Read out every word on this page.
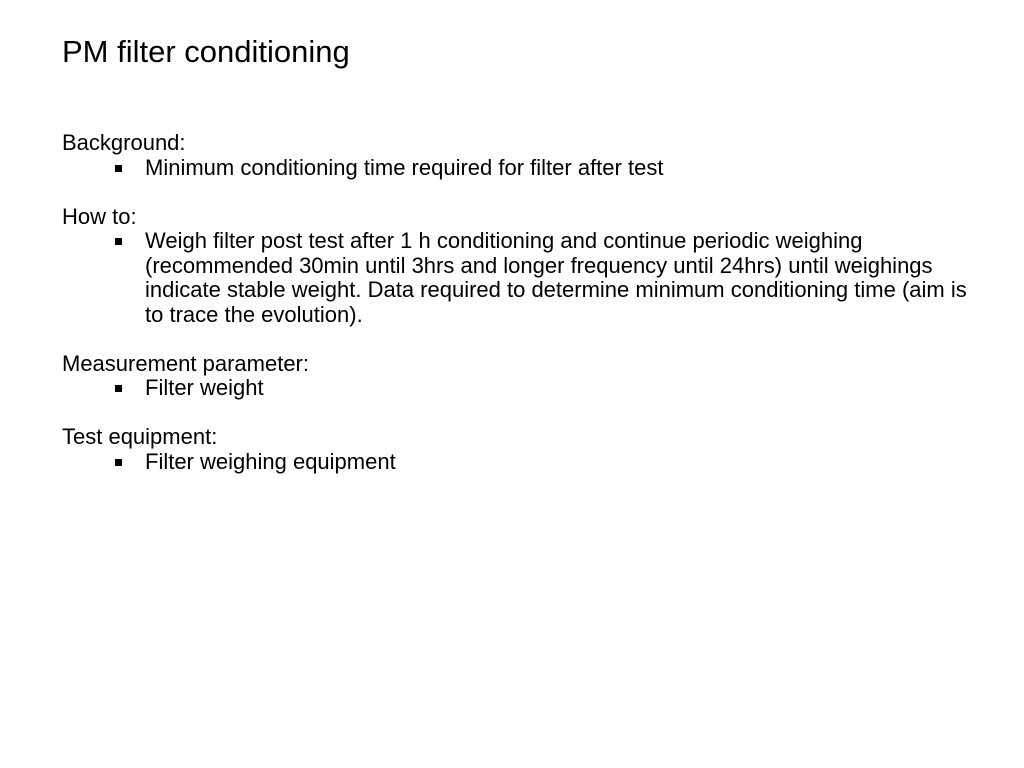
PM filter conditioning

Background:

Minimum conditioning time required for filter after test

How to:

Weigh filter post test after 1 h conditioning and continue periodic weighing (recommended 30min until 3hrs and longer frequency until 24hrs) until weighings indicate stable weight. Data required to determine minimum conditioning time (aim is to trace the evolution).

Measurement parameter:

Filter weight

Test equipment:

Filter weighing equipment
